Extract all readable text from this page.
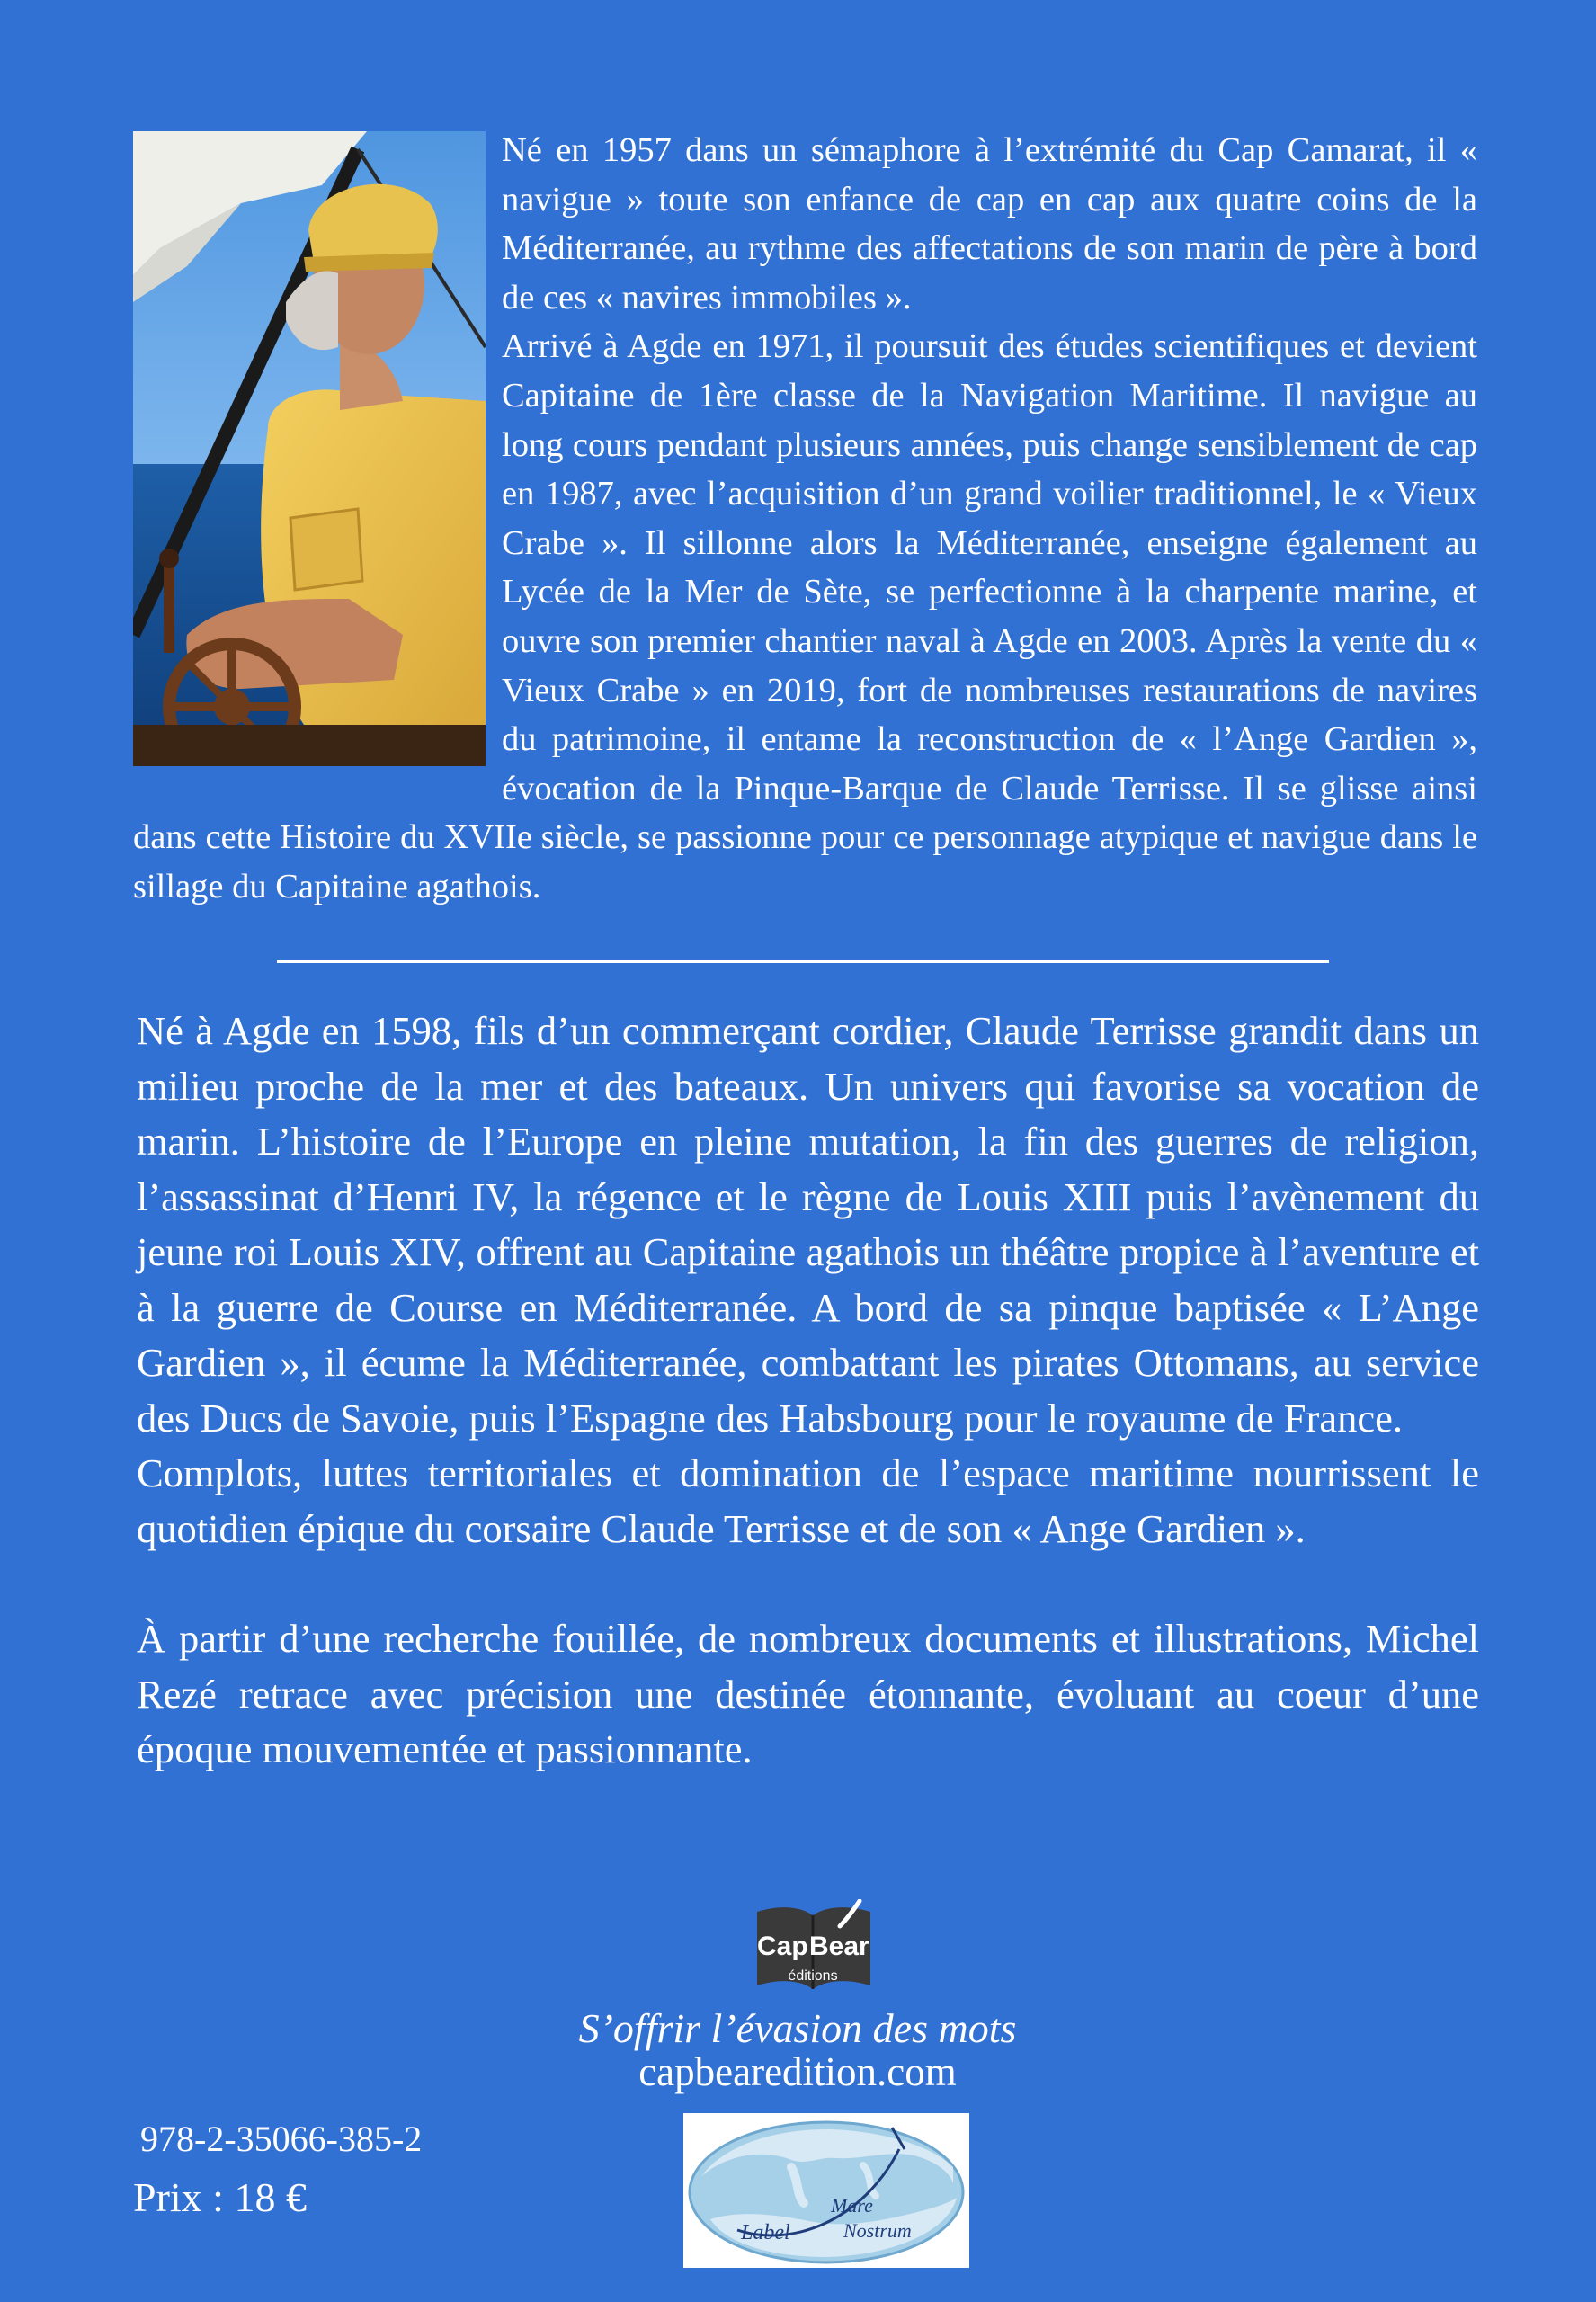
Né en 1957 dans un sémaphore à l’extrémité du Cap Camarat, il « navigue » toute son enfance de cap en cap aux quatre coins de la Méditerranée, au rythme des affectations de son marin de père à bord de ces « navires immobiles ».

Arrivé à Agde en 1971, il poursuit des études scientifiques et devient Capitaine de 1ère classe de la Navigation Maritime. Il navigue au long cours pendant plusieurs années, puis change sensiblement de cap en 1987, avec l’acquisition d’un grand voilier traditionnel, le « Vieux Crabe ». Il sillonne alors la Méditerranée, enseigne également au Lycée de la Mer de Sète, se perfectionne à la charpente marine, et ouvre son premier chantier naval à Agde en 2003. Après la vente du « Vieux Crabe » en 2019, fort de nombreuses restaurations de navires du patrimoine, il entame la reconstruction de « l’Ange Gardien », évocation de la Pinque-Barque de Claude Terrisse. Il se glisse ainsi dans cette Histoire du XVIIe siècle, se passionne pour ce personnage atypique et navigue dans le sillage du Capitaine agathois.

Né à Agde en 1598, fils d’un commerçant cordier, Claude Terrisse grandit dans un milieu proche de la mer et des bateaux. Un univers qui favorise sa vocation de marin. L’histoire de l’Europe en pleine mutation, la fin des guerres de religion, l’assassinat d’Henri IV, la régence et le règne de Louis XIII puis l’avènement du jeune roi Louis XIV, offrent au Capitaine agathois un théâtre propice à l’aventure et à la guerre de Course en Méditerranée. A bord de sa pinque baptisée « L’Ange Gardien », il écume la Méditerranée, combattant les pirates Ottomans, au service des Ducs de Savoie, puis l’Espagne des Habsbourg pour le royaume de France.

Complots, luttes territoriales et domination de l’espace maritime nourrissent le quotidien épique du corsaire Claude Terrisse et de son « Ange Gardien ».

À partir d’une recherche fouillée, de nombreux documents et illustrations, Michel Rezé retrace avec précision une destinée étonnante, évoluant au coeur d’une époque mouvementée et passionnante.

Cap Bear
éditions
S’offrir l’évasion des mots
capbearedition.com
978-2-35066-385-2
Prix : 18 €
Label
Mare
Nostrum
